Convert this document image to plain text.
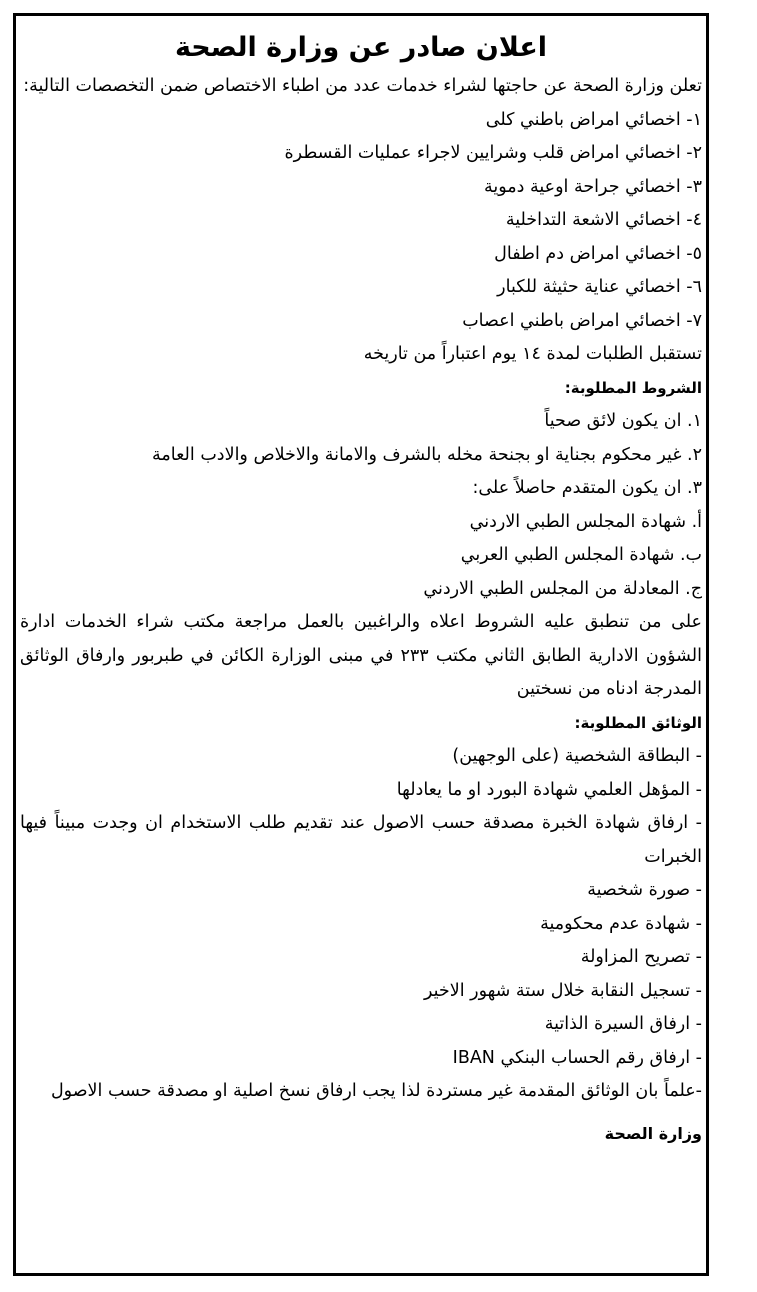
اعلان صادر عن وزارة الصحة

تعلن وزارة الصحة عن حاجتها لشراء خدمات عدد من اطباء الاختصاص ضمن التخصصات التالية:

١- اخصائي امراض باطني كلى

٢- اخصائي امراض قلب وشرايين لاجراء عمليات القسطرة

٣- اخصائي جراحة اوعية دموية

٤- اخصائي الاشعة التداخلية

٥- اخصائي امراض دم اطفال

٦- اخصائي عناية حثيثة للكبار

٧- اخصائي امراض باطني اعصاب

تستقبل الطلبات لمدة ١٤ يوم اعتباراً من تاريخه

الشروط المطلوبة:

١. ان يكون لائق صحياً

٢. غير محكوم بجناية او بجنحة مخله بالشرف والامانة والاخلاص والادب العامة

٣. ان يكون المتقدم حاصلاً على:

أ. شهادة المجلس الطبي الاردني

ب. شهادة المجلس الطبي العربي

ج. المعادلة من المجلس الطبي الاردني

على من تنطبق عليه الشروط اعلاه والراغبين بالعمل مراجعة مكتب شراء الخدمات ادارة الشؤون الادارية الطابق الثاني مكتب ٢٣٣ في مبنى الوزارة الكائن في طبربور وارفاق الوثائق المدرجة ادناه من نسختين

الوثائق المطلوبة:

- البطاقة الشخصية (على الوجهين)

- المؤهل العلمي شهادة البورد او ما يعادلها

- ارفاق شهادة الخبرة مصدقة حسب الاصول عند تقديم طلب الاستخدام ان وجدت مبيناً فيها الخبرات

- صورة شخصية

- شهادة عدم محكومية

- تصريح المزاولة

- تسجيل النقابة خلال ستة شهور الاخير

- ارفاق السيرة الذاتية

- ارفاق رقم الحساب البنكي IBAN

-علماً بان الوثائق المقدمة غير مستردة لذا يجب ارفاق نسخ اصلية او مصدقة حسب الاصول

وزارة الصحة
